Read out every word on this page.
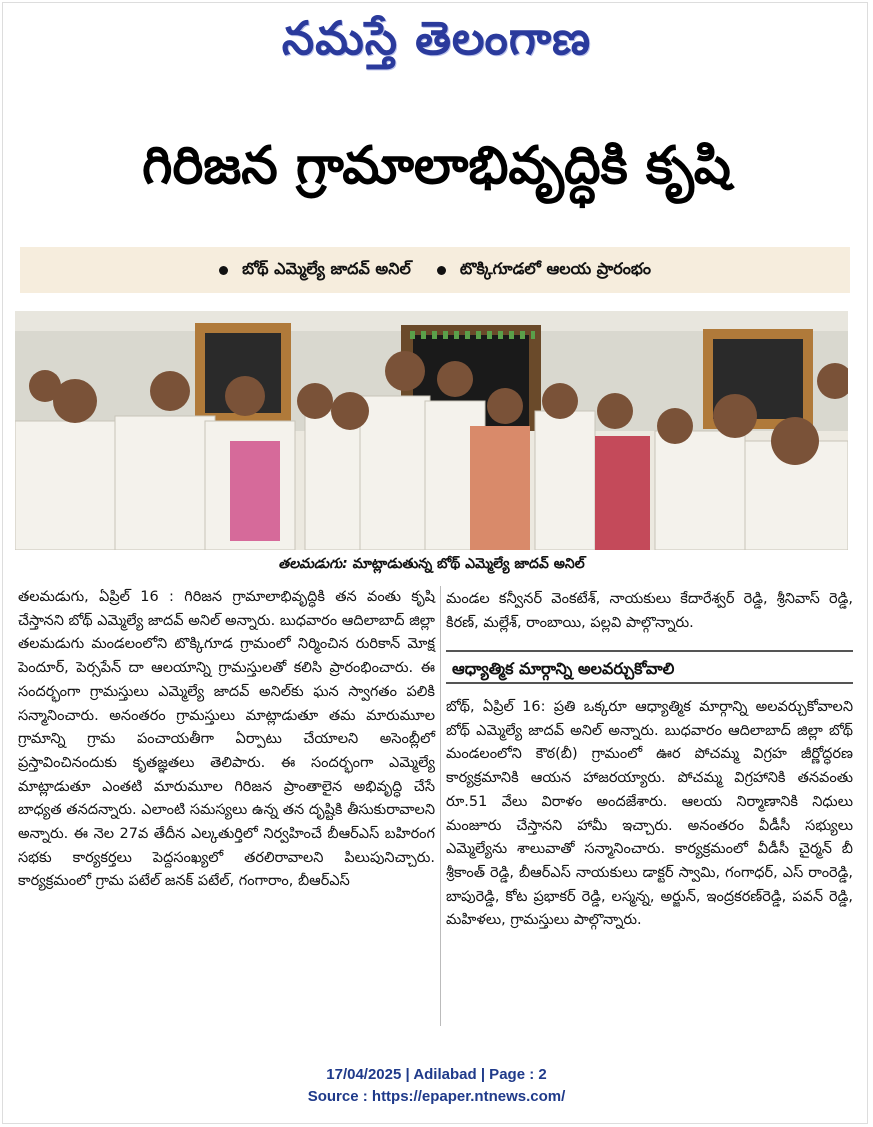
నమస్తే తెలంగాణ
గిరిజన గ్రామాలాభివృద్ధికి కృషి
బోథ్ ఎమ్మెల్యే జాదవ్ అనిల్	టొక్కిగూడలో ఆలయ ప్రారంభం
తలమడుగు: మాట్లాడుతున్న బోథ్ ఎమ్మెల్యే జాదవ్ అనిల్

తలమడుగు, ఏప్రిల్ 16 : గిరిజన గ్రామాలాభివృద్ధికి తన వంతు కృషి చేస్తానని బోథ్ ఎమ్మెల్యే జాదవ్ అనిల్ అన్నారు. బుధవారం ఆదిలాబాద్ జిల్లా తలమడుగు మండలంలోని టొక్కిగూడ గ్రామంలో నిర్మించిన రురికాన్ మోక్ష పెందూర్, పెర్సపేన్ దా ఆలయాన్ని గ్రామస్తులతో కలిసి ప్రారంభించారు. ఈ సందర్భంగా గ్రామస్తులు ఎమ్మెల్యే జాదవ్ అనిల్‌కు ఘన స్వాగతం పలికి సన్మానించారు. అనంతరం గ్రామస్తులు మాట్లాడుతూ తమ మారుమూల గ్రామాన్ని గ్రామ పంచాయతీగా ఏర్పాటు చేయాలని అసెంబ్లీలో ప్రస్తావించినందుకు కృతజ్ఞతలు తెలిపారు. ఈ సందర్భంగా ఎమ్మెల్యే మాట్లాడుతూ ఎంతటి మారుమూల గిరిజన ప్రాంతాలైన అభివృద్ధి చేసే బాధ్యత తనదన్నారు. ఎలాంటి సమస్యలు ఉన్న తన దృష్టికి తీసుకురావాలని అన్నారు. ఈ నెల 27వ తేదీన ఎల్కతుర్తిలో నిర్వహించే బీఆర్‌ఎస్ బహిరంగ సభకు కార్యకర్తలు పెద్దసంఖ్యలో తరలిరావాలని పిలుపునిచ్చారు. కార్యక్రమంలో గ్రామ పటేల్ జనక్ పటేల్, గంగారాం, బీఆర్‌ఎస్

మండల కన్వీనర్ వెంకటేశ్, నాయకులు కేదారేశ్వర్ రెడ్డి, శ్రీనివాస్ రెడ్డి, కిరణ్, మల్లేశ్, రాంబాయి, పల్లవి పాల్గొన్నారు.

ఆధ్యాత్మిక మార్గాన్ని అలవర్చుకోవాలి

బోథ్, ఏప్రిల్ 16: ప్రతి ఒక్కరూ ఆధ్యాత్మిక మార్గాన్ని అలవర్చుకోవాలని బోథ్ ఎమ్మెల్యే జాదవ్ అనిల్ అన్నారు. బుధవారం ఆదిలాబాద్ జిల్లా బోథ్ మండలంలోని కౌఠ(బీ) గ్రామంలో ఊర పోచమ్మ విగ్రహ జీర్ణోద్ధరణ కార్యక్రమానికి ఆయన హాజరయ్యారు. పోచమ్మ విగ్రహానికి తనవంతు రూ.51 వేలు విరాళం అందజేశారు. ఆలయ నిర్మాణానికి నిధులు మంజూరు చేస్తానని హామీ ఇచ్చారు. అనంతరం వీడీసీ సభ్యులు ఎమ్మెల్యేను శాలువాతో సన్మానించారు. కార్యక్రమంలో వీడీసీ చైర్మన్ బీ శ్రీకాంత్ రెడ్డి, బీఆర్‌ఎస్ నాయకులు డాక్టర్ స్వామి, గంగాధర్, ఎస్ రాంరెడ్డి, బాపురెడ్డి, కోట ప్రభాకర్ రెడ్డి, లస్మన్న, అర్జున్, ఇంద్రకరణ్‌రెడ్డి, పవన్ రెడ్డి, మహిళలు, గ్రామస్తులు పాల్గొన్నారు.

17/04/2025 | Adilabad | Page : 2
Source : https://epaper.ntnews.com/
